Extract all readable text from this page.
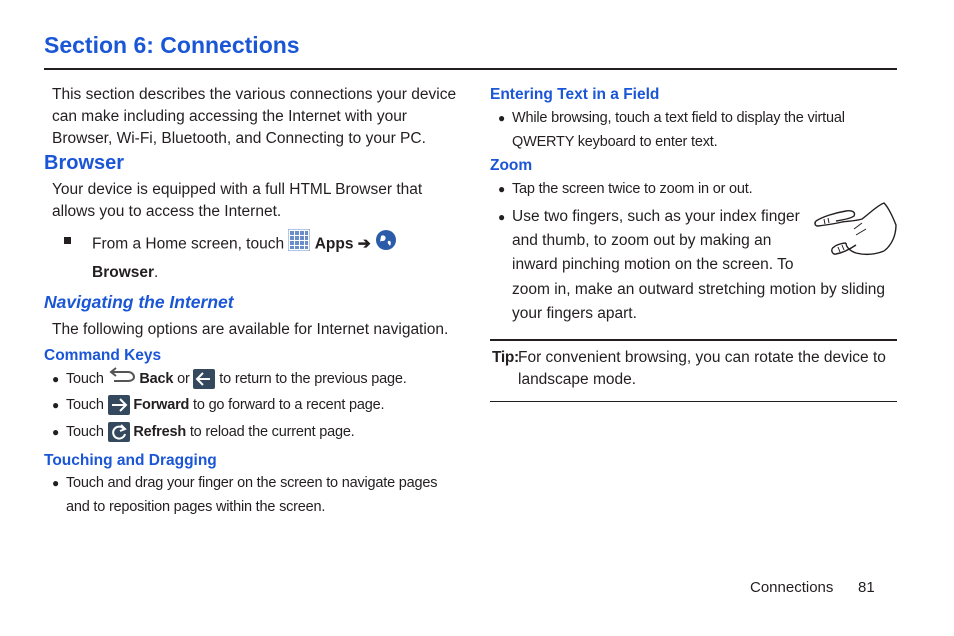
Section 6: Connections

This section describes the various connections your device can make including accessing the Internet with your Browser, Wi-Fi, Bluetooth, and Connecting to your PC.

Browser

Your device is equipped with a full HTML Browser that allows you to access the Internet.

From a Home screen, touch Apps ➔  Browser.
Navigating the Internet

The following options are available for Internet navigation.

Command Keys
● Touch Back or to return to the previous page.
● Touch Forward to go forward to a recent page.
● Touch Refresh to reload the current page.
Touching and Dragging
● Touch and drag your finger on the screen to navigate pages and to reposition pages within the screen.
Entering Text in a Field
● While browsing, touch a text field to display the virtual QWERTY keyboard to enter text.
Zoom
● Tap the screen twice to zoom in or out.
● Use two fingers, such as your index finger
and thumb, to zoom out by making an
inward pinching motion on the screen. To
zoom in, make an outward stretching motion by sliding your fingers apart.
Tip: For convenient browsing, you can rotate the device to landscape mode.
Connections 81
